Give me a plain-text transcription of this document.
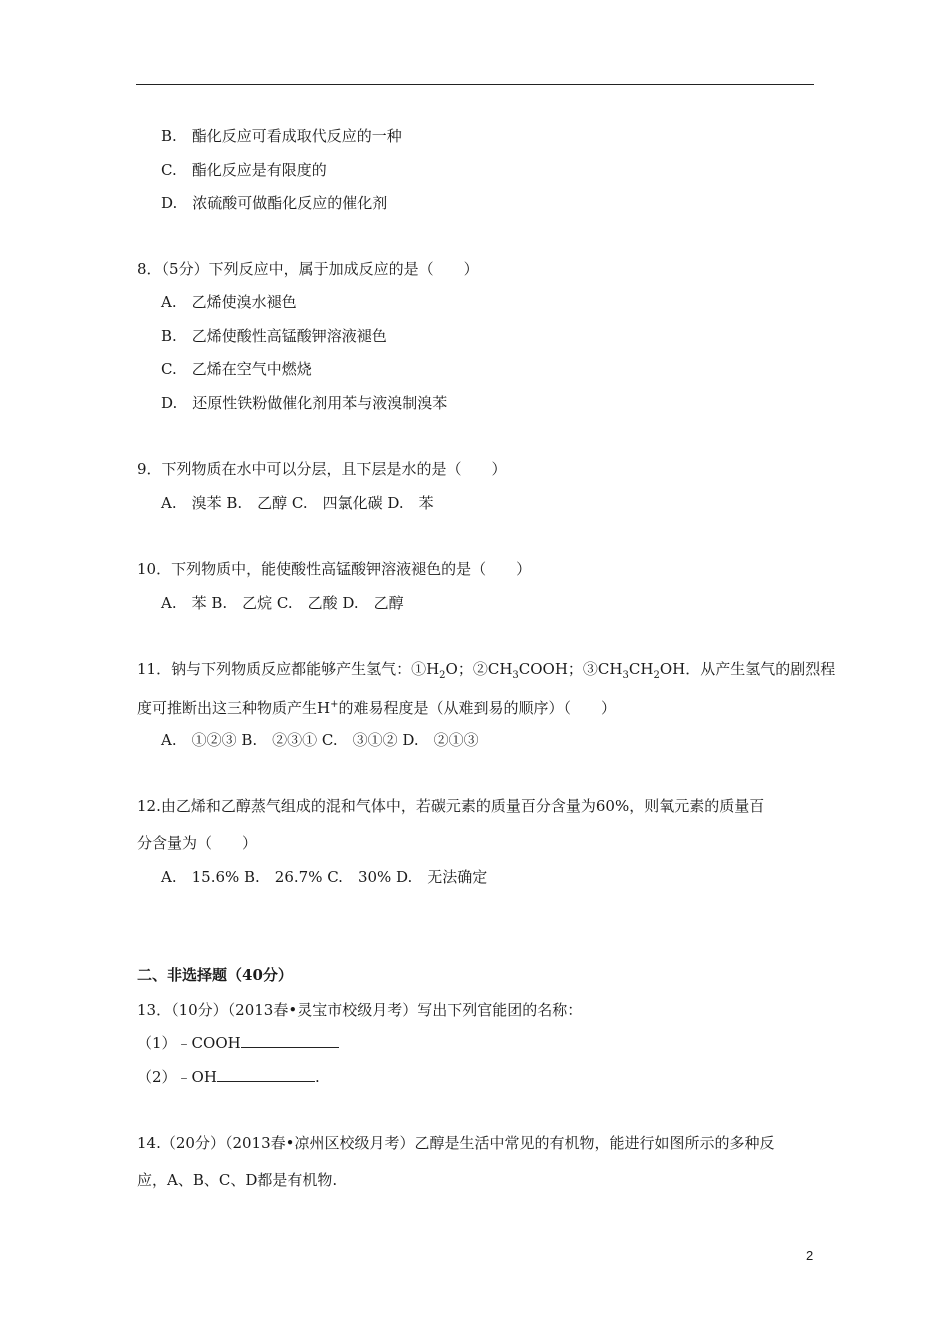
B.　酯化反应可看成取代反应的一种
C.　酯化反应是有限度的
D.　浓硫酸可做酯化反应的催化剂
8．（5分）下列反应中，属于加成反应的是（　　）
A.　乙烯使溴水褪色
B.　乙烯使酸性高锰酸钾溶液褪色
C.　乙烯在空气中燃烧
D.　还原性铁粉做催化剂用苯与液溴制溴苯
9．下列物质在水中可以分层，且下层是水的是（　　）
A.　溴苯 B.　乙醇 C.　四氯化碳 D.　苯
10．下列物质中，能使酸性高锰酸钾溶液褪色的是（　　）
A.　苯 B.　乙烷 C.　乙酸 D.　乙醇
11．钠与下列物质反应都能够产生氢气：$①H_2O$；$②CH_3COOH$；$③CH_3CH_2OH$．从产生氢气的剧烈程
度可推断出这三种物质产生H+的难易程度是（从难到易的顺序）（　　）
A.　①②③ B.　②③① C.　③①② D.　②①③
12.由乙烯和乙醇蒸气组成的混和气体中，若碳元素的质量百分含量为60%，则氧元素的质量百
分含量为（　　）
A.　15.6% B.　26.7% C.　30% D.　无法确定
二、非选择题（40分）
13．（10分）（2013春•灵宝市校级月考）写出下列官能团的名称：
（1）﹣COOH
（2）﹣OH	.
14.（20分）（2013春•凉州区校级月考）乙醇是生活中常见的有机物，能进行如图所示的多种反
应，A、B、C、D都是有机物.
2
